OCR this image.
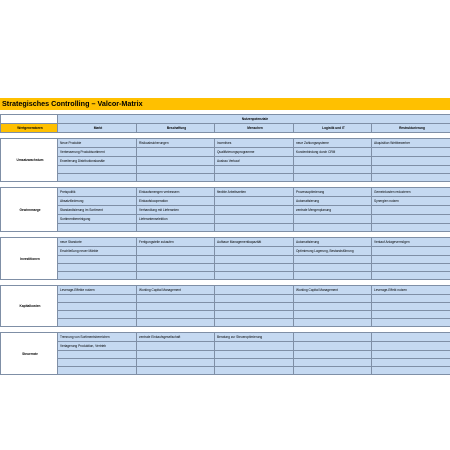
Strategisches Controlling – Valcor-Matrix
	Nutzenpotenziale				
Wertgeneratoren	Markt	Beschaffung	Menschen	Logistik und IT	Restrukturierung

Umsatzwachstum	Neue Produkte	Risikoabsicherungen	Incentives	neue Zahlungssysteme	Akquisition Wettbewerber
	Verbesserung Produktsortiment		Qualifizierungsprogramme	Kundenbindung durch CRM	
	Erweiterung Distributionskanäle		Ausbau Verkauf		

Gewinnmarge	Preispolitik	Einkaufsmengen verbessern	flexible Arbeitszeiten	Prozessoptimierung	Gemeinkosten reduzieren
	Absatzförderung	Einkaufskooperation		Automatisierung	Synergien nutzen
	Standardisierung im Sortiment	Verhandlung mit Lieferanten		zentrale Mengenplanung	
	Sortimentbereinigung	Lieferantenselektion			

Investitionen	neue Standorte	Fertigungsteile zukaufen	Aufbaue Managementkapazität	Automatisierung	Verkauf Anlagevermögen
	Erschließung neuer Märkte			Optimierung Lagerung, Bestandsführung	

Kapitalkosten	Leverage-Effekte nutzen	Working Capital Management		Working Capital Management	Leverage-Effekt nutzen

Steuerrate	Trennung von Sortimentsbereichen	zentrale Einkaufsgesellschaft	Beratung zur Steueroptimierung		
	Verlagerung Produktion, Vertrieb				
